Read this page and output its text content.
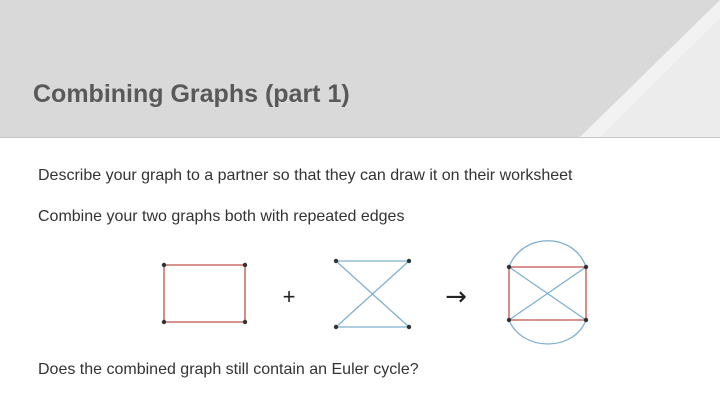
Combining Graphs (part 1)
Describe your graph to a partner so that they can draw it on their worksheet
Combine your two graphs both with repeated edges
+	→
Does the combined graph still contain an Euler cycle?
